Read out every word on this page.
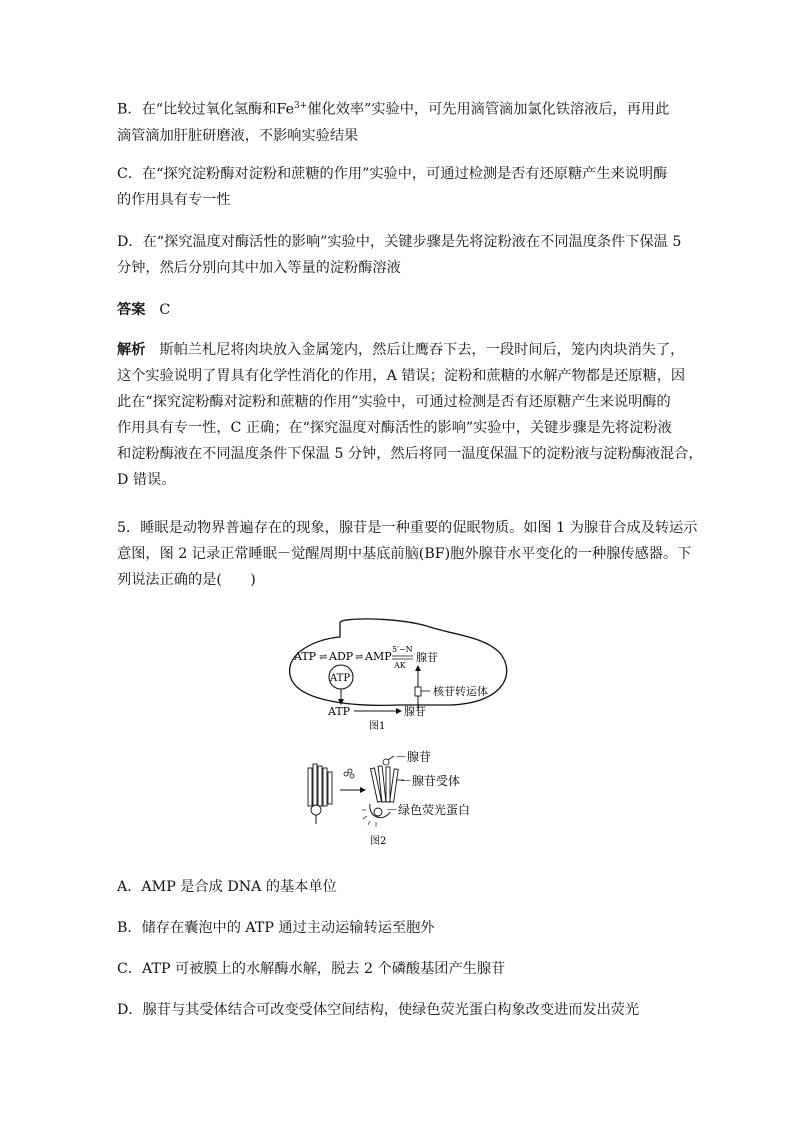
B．在“比较过氧化氢酶和$Fe^{3+}$催化效率”实验中，可先用滴管滴加氯化铁溶液后，再用此
滴管滴加肝脏研磨液，不影响实验结果

C．在“探究淀粉酶对淀粉和蔗糖的作用”实验中，可通过检测是否有还原糖产生来说明酶
的作用具有专一性

D．在“探究温度对酶活性的影响”实验中，关键步骤是先将淀粉液在不同温度条件下保温 5
分钟，然后分别向其中加入等量的淀粉酶溶液

答案 C

解析 斯帕兰札尼将肉块放入金属笼内，然后让鹰吞下去，一段时间后，笼内肉块消失了，
这个实验说明了胃具有化学性消化的作用，A 错误；淀粉和蔗糖的水解产物都是还原糖，因
此在“探究淀粉酶对淀粉和蔗糖的作用”实验中，可通过检测是否有还原糖产生来说明酶的
作用具有专一性，C 正确；在“探究温度对酶活性的影响”实验中，关键步骤是先将淀粉液
和淀粉酶液在不同温度条件下保温 5 分钟，然后将同一温度保温下的淀粉液与淀粉酶液混合，
D 错误。

5．睡眠是动物界普遍存在的现象，腺苷是一种重要的促眠物质。如图 1 为腺苷合成及转运示
意图，图 2 记录正常睡眠－觉醒周期中基底前脑(BF)胞外腺苷水平变化的一种腺传感器。下
列说法正确的是(　　)

ATP ⇌ ADP ⇌ AMP
5′−N
AK
腺苷
ATP
核苷转运体
ATP	腺苷
图1
－腺苷
－腺苷受体
－绿色荧光蛋白
图2

A．AMP 是合成 DNA 的基本单位

B．储存在囊泡中的 ATP 通过主动运输转运至胞外

C．ATP 可被膜上的水解酶水解，脱去 2 个磷酸基团产生腺苷

D．腺苷与其受体结合可改变受体空间结构，使绿色荧光蛋白构象改变进而发出荧光
